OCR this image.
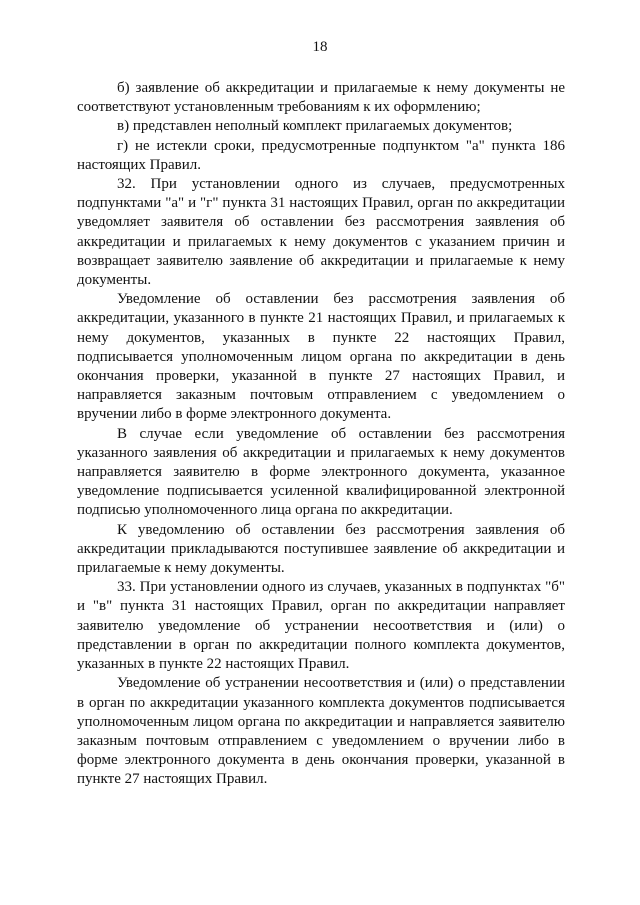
18

б) заявление об аккредитации и прилагаемые к нему документы не соответствуют установленным требованиям к их оформлению;

в) представлен неполный комплект прилагаемых документов;

г) не истекли сроки, предусмотренные подпунктом "а" пункта 186 настоящих Правил.

32. При установлении одного из случаев, предусмотренных подпунктами "а" и "г" пункта 31 настоящих Правил, орган по аккредитации уведомляет заявителя об оставлении без рассмотрения заявления об аккредитации и прилагаемых к нему документов с указанием причин и возвращает заявителю заявление об аккредитации и прилагаемые к нему документы.

Уведомление об оставлении без рассмотрения заявления об аккредитации, указанного в пункте 21 настоящих Правил, и прилагаемых к нему документов, указанных в пункте 22 настоящих Правил, подписывается уполномоченным лицом органа по аккредитации в день окончания проверки, указанной в пункте 27 настоящих Правил, и направляется заказным почтовым отправлением с уведомлением о вручении либо в форме электронного документа.

В случае если уведомление об оставлении без рассмотрения указанного заявления об аккредитации и прилагаемых к нему документов направляется заявителю в форме электронного документа, указанное уведомление подписывается усиленной квалифицированной электронной подписью уполномоченного лица органа по аккредитации.

К уведомлению об оставлении без рассмотрения заявления об аккредитации прикладываются поступившее заявление об аккредитации и прилагаемые к нему документы.

33. При установлении одного из случаев, указанных в подпунктах "б" и "в" пункта 31 настоящих Правил, орган по аккредитации направляет заявителю уведомление об устранении несоответствия и (или) о представлении в орган по аккредитации полного комплекта документов, указанных в пункте 22 настоящих Правил.

Уведомление об устранении несоответствия и (или) о представлении в орган по аккредитации указанного комплекта документов подписывается уполномоченным лицом органа по аккредитации и направляется заявителю заказным почтовым отправлением с уведомлением о вручении либо в форме электронного документа в день окончания проверки, указанной в пункте 27 настоящих Правил.
